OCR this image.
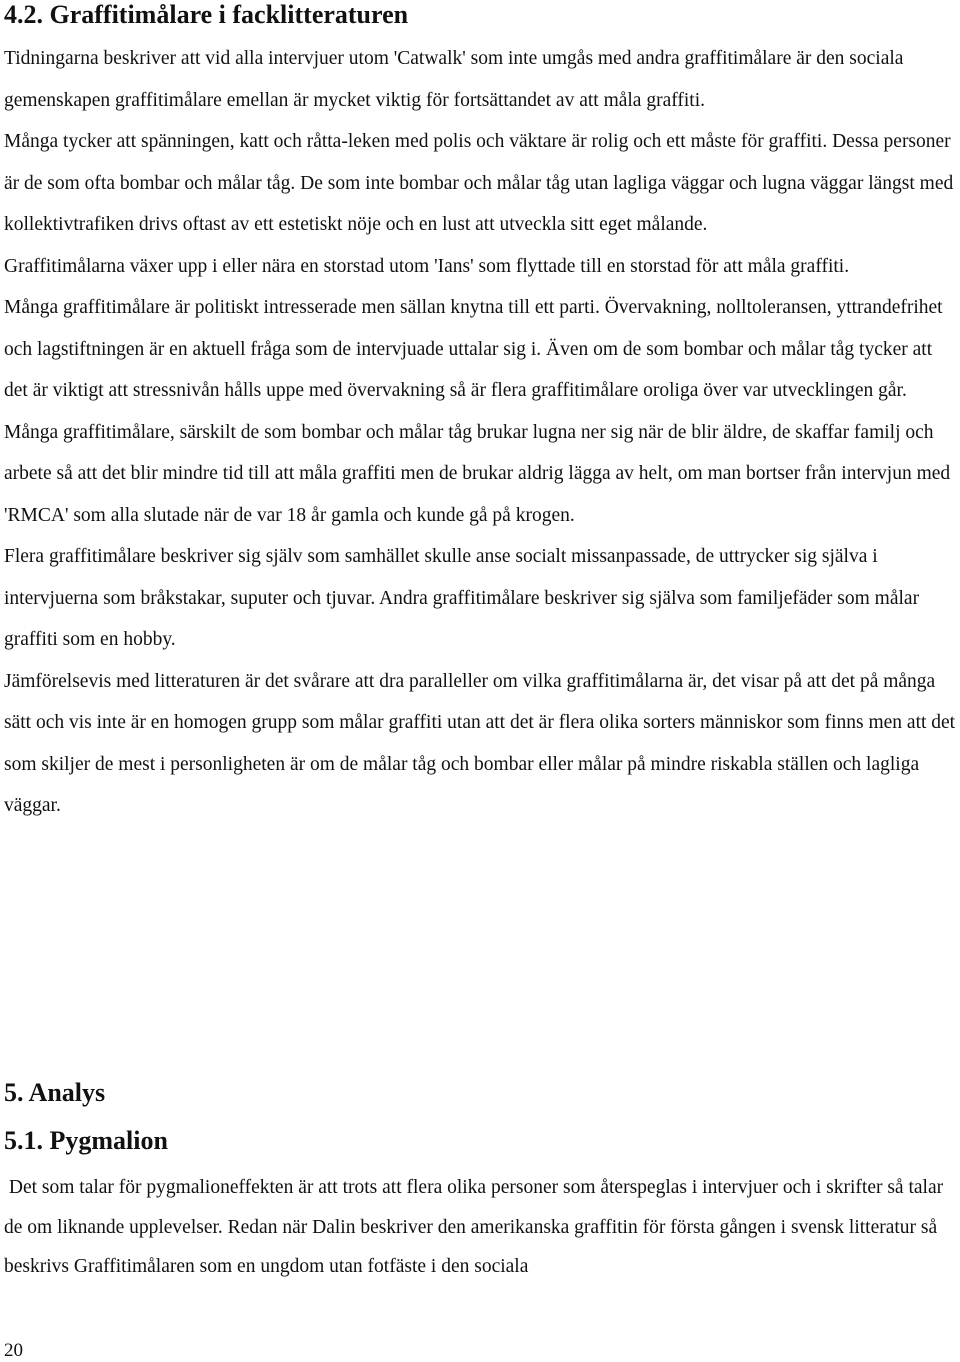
4.2. Graffitimålare i facklitteraturen

Tidningarna beskriver att vid alla intervjuer utom 'Catwalk' som inte umgås med andra graffitimålare är den sociala gemenskapen graffitimålare emellan är mycket viktig för fortsättandet av att måla graffiti.

Många tycker att spänningen, katt och råtta-leken med polis och väktare är rolig och ett måste för graffiti. Dessa personer är de som ofta bombar och målar tåg. De som inte bombar och målar tåg utan lagliga väggar och lugna väggar längst med kollektivtrafiken drivs oftast av ett estetiskt nöje och en lust att utveckla sitt eget målande.

Graffitimålarna växer upp i eller nära en storstad utom 'Ians' som flyttade till en storstad för att måla graffiti.

Många graffitimålare är politiskt intresserade men sällan knytna till ett parti. Övervakning, nolltoleransen, yttrandefrihet och lagstiftningen är en aktuell fråga som de intervjuade uttalar sig i. Även om de som bombar och målar tåg tycker att det är viktigt att stressnivån hålls uppe med övervakning så är flera graffitimålare oroliga över var utvecklingen går.

Många graffitimålare, särskilt de som bombar och målar tåg brukar lugna ner sig när de blir äldre, de skaffar familj och arbete så att det blir mindre tid till att måla graffiti men de brukar aldrig lägga av helt, om man bortser från intervjun med 'RMCA' som alla slutade när de var 18 år gamla och kunde gå på krogen.

Flera graffitimålare beskriver sig själv som samhället skulle anse socialt missanpassade, de uttrycker sig själva i intervjuerna som bråkstakar, suputer och tjuvar. Andra graffitimålare beskriver sig själva som familjefäder som målar graffiti som en hobby.

Jämförelsevis med litteraturen är det svårare att dra paralleller om vilka graffitimålarna är, det visar på att det på många sätt och vis inte är en homogen grupp som målar graffiti utan att det är flera olika sorters människor som finns men att det som skiljer de mest i personligheten är om de målar tåg och bombar eller målar på mindre riskabla ställen och lagliga väggar.

5. Analys
5.1. Pygmalion

Det som talar för pygmalioneffekten är att trots att flera olika personer som återspeglas i intervjuer och i skrifter så talar de om liknande upplevelser. Redan när Dalin beskriver den amerikanska graffitin för första gången i svensk litteratur så beskrivs Graffitimålaren som en ungdom utan fotfäste i den sociala

20
